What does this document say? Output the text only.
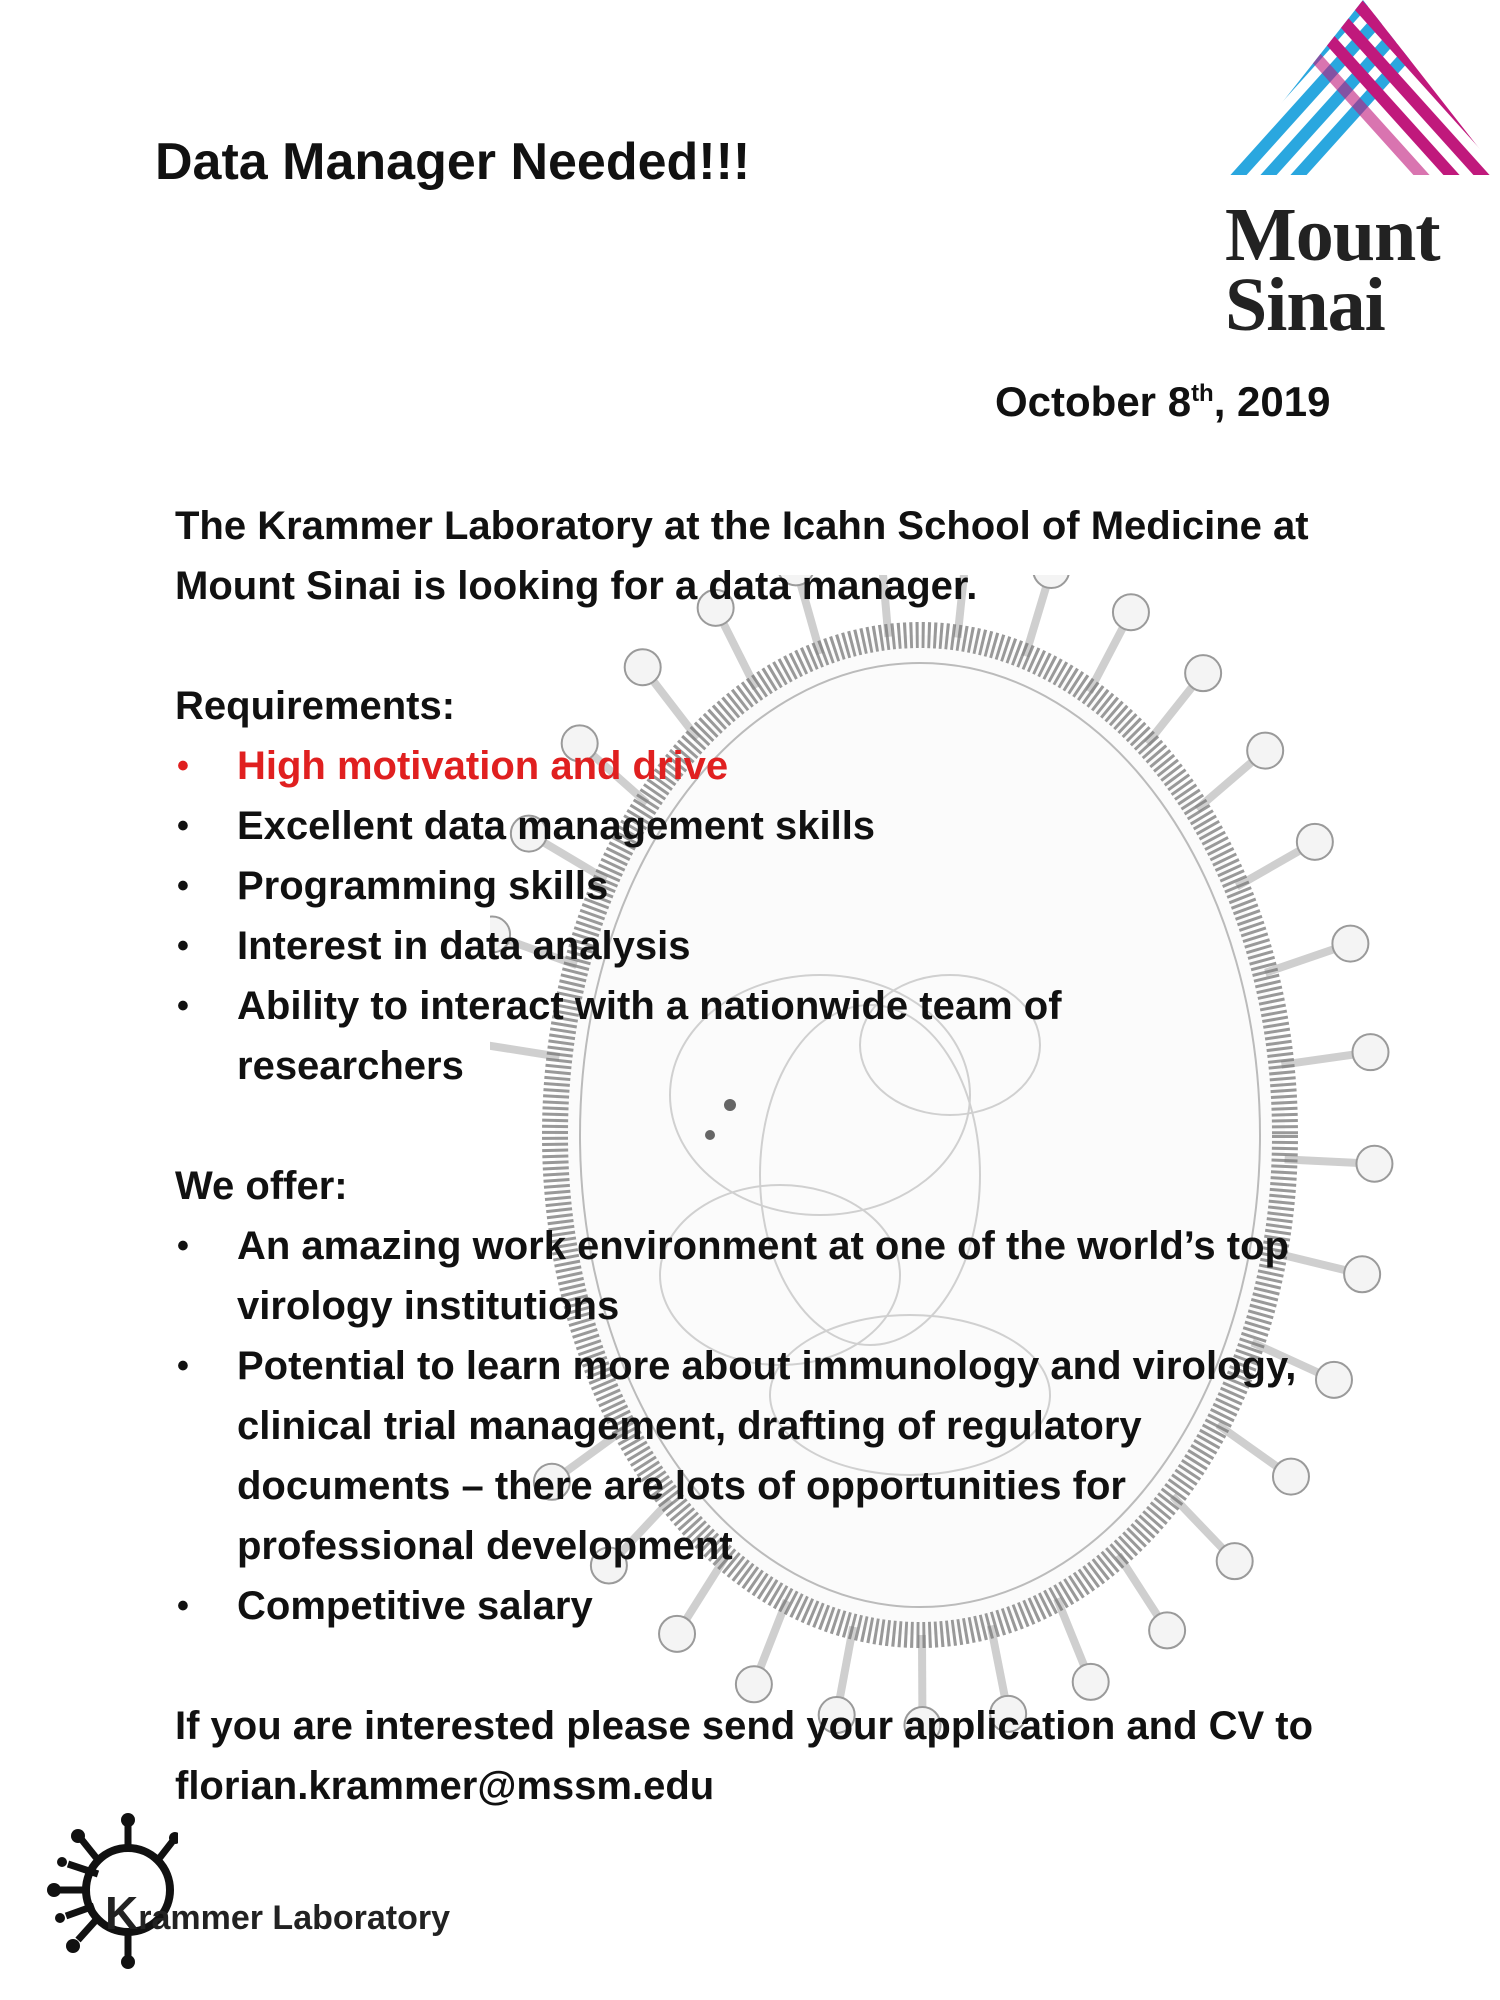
Mount
Sinai
Data Manager Needed!!!
October 8th, 2019
The Krammer Laboratory at the Icahn School of Medicine at Mount Sinai is looking for a data manager.
Requirements:
• High motivation and drive
• Excellent data management skills
• Programming skills
• Interest in data analysis
• Ability to interact with a nationwide team of researchers
We offer:
• An amazing work environment at one of the world’s top virology institutions
• Potential to learn more about immunology and virology, clinical trial management, drafting of regulatory documents – there are lots of opportunities for professional development
• Competitive salary
If you are interested please send your application and CV to florian.krammer@mssm.edu
Krammer Laboratory
